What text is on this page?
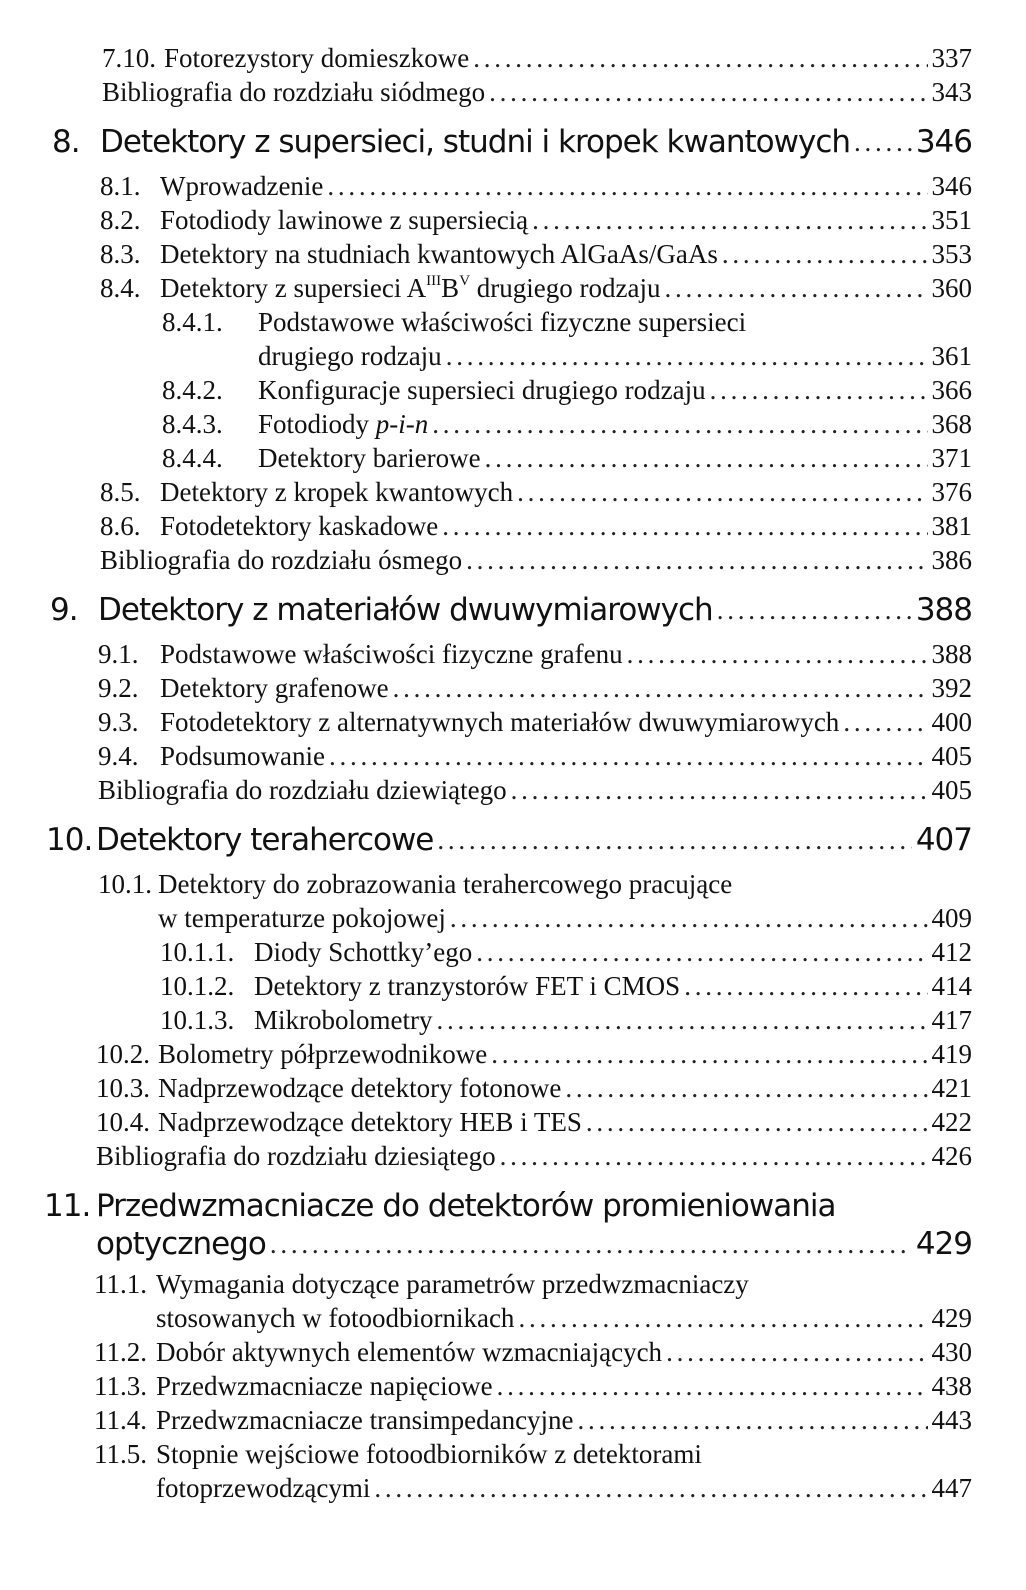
7.10. Fotorezystory domieszkowe . . .	337
Bibliografia do rozdziału siódmego . . .	343
8. Detektory z supersieci, studni i kropek kwantowych . . . 346
8.1. Wprowadzenie . . .	346
8.2. Fotodiody lawinowe z supersiecią . . .	351
8.3. Detektory na studniach kwantowych AlGaAs/GaAs . . .	353
8.4. Detektory z supersieci $A^{III}B^V$ drugiego rodzaju . . .	360
8.4.1. Podstawowe właściwości fizyczne supersieci
drugiego rodzaju . . .	361
8.4.2.	Konfiguracje supersieci drugiego rodzaju . . .	366
8.4.3.	Fotodiody p-i-n . . .	368
8.4.4.	Detektory barierowe . . .	371
8.5. Detektory z kropek kwantowych . . .	376
8.6. Fotodetektory kaskadowe . . .	381
Bibliografia do rozdziału ósmego . . .	386
9. Detektory z materiałów dwuwymiarowych . . .	388
9.1. Podstawowe właściwości fizyczne grafenu . . .	388
9.2. Detektory grafenowe . . .	392
9.3. Fotodetektory z alternatywnych materiałów dwuwymiarowych . . .	400
9.4. Podsumowanie . . .	405
Bibliografia do rozdziału dziewiątego . . .	405
10. Detektory terahercowe . . .	407
10.1. Detektory do zobrazowania terahercowego pracujące
w temperaturze pokojowej . . .	409
10.1.1. Diody Schottky’ego . . .	412
10.1.2. Detektory z tranzystorów FET i CMOS . . .	414
10.1.3. Mikrobolometry . . .	417
10.2. Bolometry półprzewodnikowe . . .	419
10.3. Nadprzewodzące detektory fotonowe . . .	421
10.4. Nadprzewodzące detektory HEB i TES . . .	422
Bibliografia do rozdziału dziesiątego . . .	426
11. Przedwzmacniacze do detektorów promieniowania
optycznego . . .	429
11.1. Wymagania dotyczące parametrów przedwzmacniaczy
stosowanych w fotoodbiornikach . . .	429
11.2. Dobór aktywnych elementów wzmacniających . . .	430
11.3. Przedwzmacniacze napięciowe . . .	438
11.4. Przedwzmacniacze transimpedancyjne . . .	443
11.5. Stopnie wejściowe fotoodbiorników z detektorami
fotoprzewodzącymi . . .	447
